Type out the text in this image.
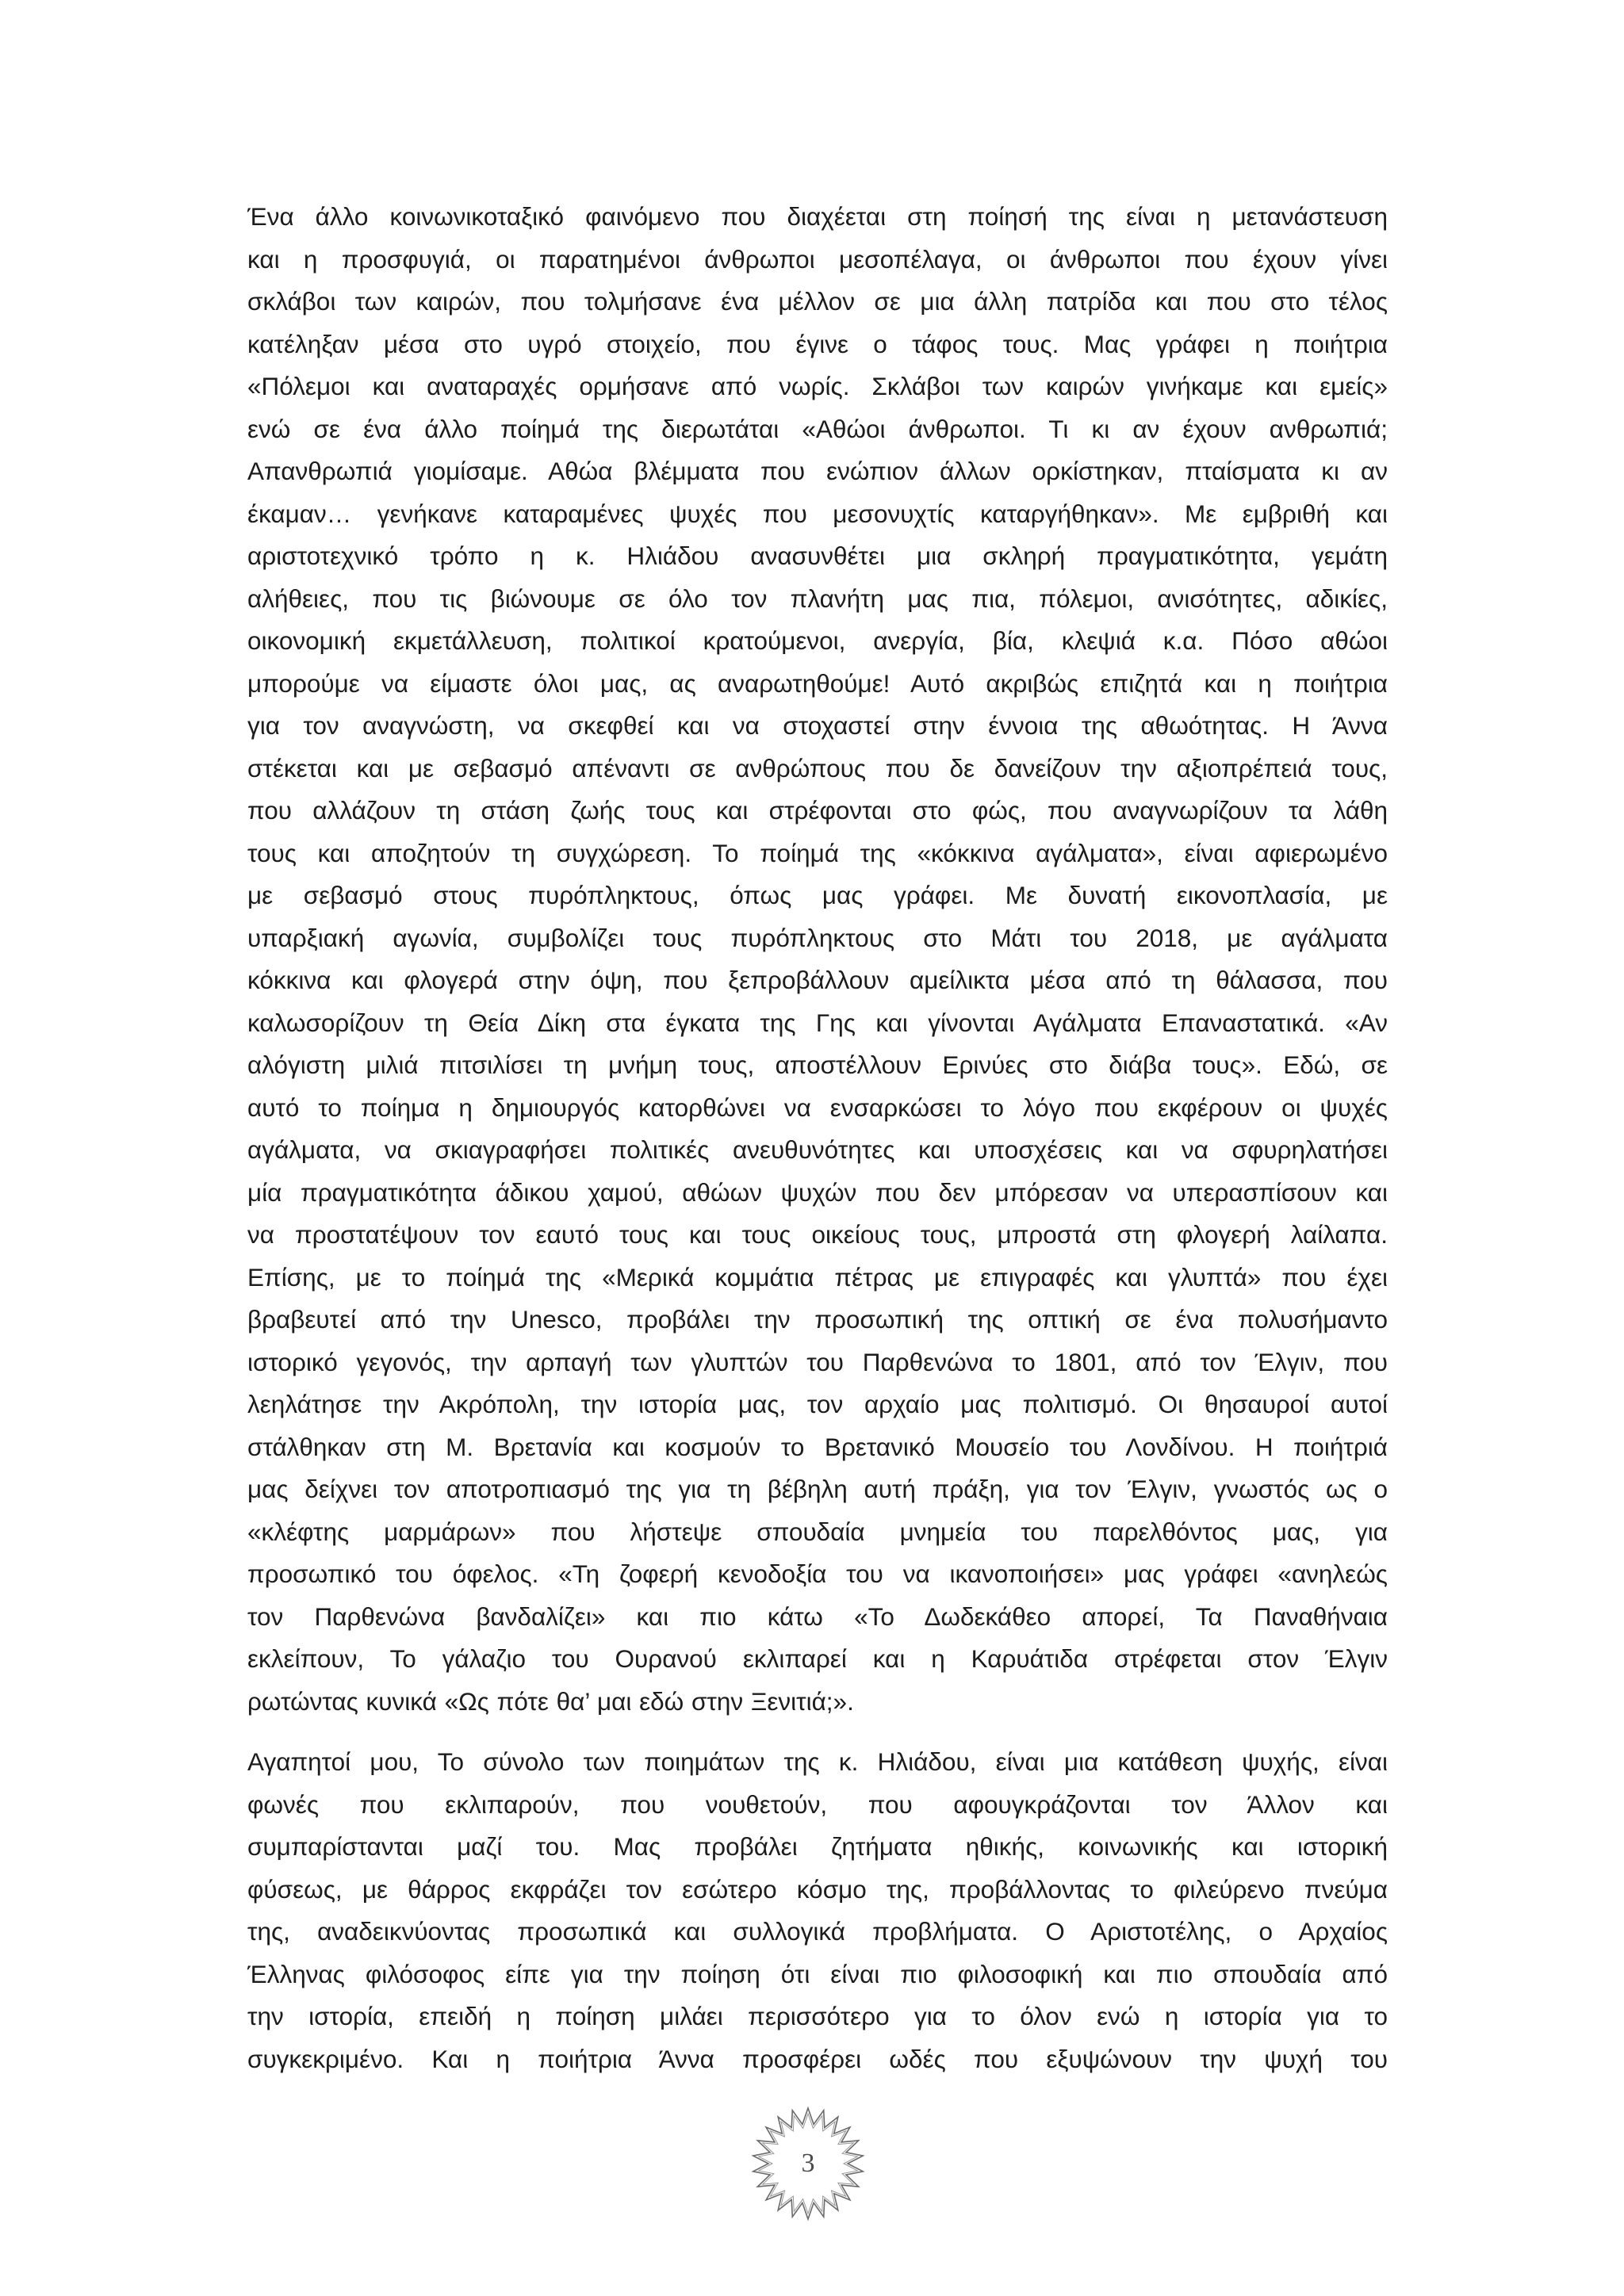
Ένα άλλο κοινωνικοταξικό φαινόμενο που διαχέεται στη ποίησή της είναι η μετανάστευση
και η προσφυγιά, οι παρατημένοι άνθρωποι μεσοπέλαγα, οι άνθρωποι που έχουν γίνει
σκλάβοι των καιρών, που τολμήσανε ένα μέλλον σε μια άλλη πατρίδα και που στο τέλος
κατέληξαν μέσα στο υγρό στοιχείο, που έγινε ο τάφος τους. Μας γράφει η ποιήτρια
«Πόλεμοι και αναταραχές ορμήσανε από νωρίς. Σκλάβοι των καιρών γινήκαμε και εμείς»
ενώ σε ένα άλλο ποίημά της διερωτάται «Αθώοι άνθρωποι. Τι κι αν έχουν ανθρωπιά;
Απανθρωπιά γιομίσαμε. Αθώα βλέμματα που ενώπιον άλλων ορκίστηκαν, πταίσματα κι αν
έκαμαν… γενήκανε καταραμένες ψυχές που μεσονυχτίς καταργήθηκαν». Με εμβριθή και
αριστοτεχνικό τρόπο η κ. Ηλιάδου ανασυνθέτει μια σκληρή πραγματικότητα, γεμάτη
αλήθειες, που τις βιώνουμε σε όλο τον πλανήτη μας πια, πόλεμοι, ανισότητες, αδικίες,
οικονομική εκμετάλλευση, πολιτικοί κρατούμενοι, ανεργία, βία, κλεψιά κ.α. Πόσο αθώοι
μπορούμε να είμαστε όλοι μας, ας αναρωτηθούμε! Αυτό ακριβώς επιζητά και η ποιήτρια
για τον αναγνώστη, να σκεφθεί και να στοχαστεί στην έννοια της αθωότητας. Η Άννα
στέκεται και με σεβασμό απέναντι σε ανθρώπους που δε δανείζουν την αξιοπρέπειά τους,
που αλλάζουν τη στάση ζωής τους και στρέφονται στο φώς, που αναγνωρίζουν τα λάθη
τους και αποζητούν τη συγχώρεση. Το ποίημά της «κόκκινα αγάλματα», είναι αφιερωμένο
με σεβασμό στους πυρόπληκτους, όπως μας γράφει. Με δυνατή εικονοπλασία, με
υπαρξιακή αγωνία, συμβολίζει τους πυρόπληκτους στο Μάτι του 2018, με αγάλματα
κόκκινα και φλογερά στην όψη, που ξεπροβάλλουν αμείλικτα μέσα από τη θάλασσα, που
καλωσορίζουν τη Θεία Δίκη στα έγκατα της Γης και γίνονται Αγάλματα Επαναστατικά. «Αν
αλόγιστη μιλιά πιτσιλίσει τη μνήμη τους, αποστέλλουν Ερινύες στο διάβα τους». Εδώ, σε
αυτό το ποίημα η δημιουργός κατορθώνει να ενσαρκώσει το λόγο που εκφέρουν οι ψυχές
αγάλματα, να σκιαγραφήσει πολιτικές ανευθυνότητες και υποσχέσεις και να σφυρηλατήσει
μία πραγματικότητα άδικου χαμού, αθώων ψυχών που δεν μπόρεσαν να υπερασπίσουν και
να προστατέψουν τον εαυτό τους και τους οικείους τους, μπροστά στη φλογερή λαίλαπα.
Επίσης, με το ποίημά της «Μερικά κομμάτια πέτρας με επιγραφές και γλυπτά» που έχει
βραβευτεί από την Unesco, προβάλει την προσωπική της οπτική σε ένα πολυσήμαντο
ιστορικό γεγονός, την αρπαγή των γλυπτών του Παρθενώνα το 1801, από τον Έλγιν, που
λεηλάτησε την Ακρόπολη, την ιστορία μας, τον αρχαίο μας πολιτισμό. Οι θησαυροί αυτοί
στάλθηκαν στη Μ. Βρετανία και κοσμούν το Βρετανικό Μουσείο του Λονδίνου. Η ποιήτριά
μας δείχνει τον αποτροπιασμό της για τη βέβηλη αυτή πράξη, για τον Έλγιν, γνωστός ως ο
«κλέφτης μαρμάρων» που λήστεψε σπουδαία μνημεία του παρελθόντος μας, για
προσωπικό του όφελος. «Τη ζοφερή κενοδοξία του να ικανοποιήσει» μας γράφει «ανηλεώς
τον Παρθενώνα βανδαλίζει» και πιο κάτω «Το Δωδεκάθεο απορεί, Τα Παναθήναια
εκλείπουν, Το γάλαζιο του Ουρανού εκλιπαρεί και η Καρυάτιδα στρέφεται στον Έλγιν
ρωτώντας κυνικά «Ως πότε θα’ μαι εδώ στην Ξενιτιά;».
Αγαπητοί μου, Το σύνολο των ποιημάτων της κ. Ηλιάδου, είναι μια κατάθεση ψυχής, είναι
φωνές που εκλιπαρούν, που νουθετούν, που αφουγκράζονται τον Άλλον και
συμπαρίστανται μαζί του. Μας προβάλει ζητήματα ηθικής, κοινωνικής και ιστορική
φύσεως, με θάρρος εκφράζει τον εσώτερο κόσμο της, προβάλλοντας το φιλεύρενο πνεύμα
της, αναδεικνύοντας προσωπικά και συλλογικά προβλήματα. Ο Αριστοτέλης, ο Αρχαίος
Έλληνας φιλόσοφος είπε για την ποίηση ότι είναι πιο φιλοσοφική και πιο σπουδαία από
την ιστορία, επειδή η ποίηση μιλάει περισσότερο για το όλον ενώ η ιστορία για το
συγκεκριμένο. Και η ποιήτρια Άννα προσφέρει ωδές που εξυψώνουν την ψυχή του
3
